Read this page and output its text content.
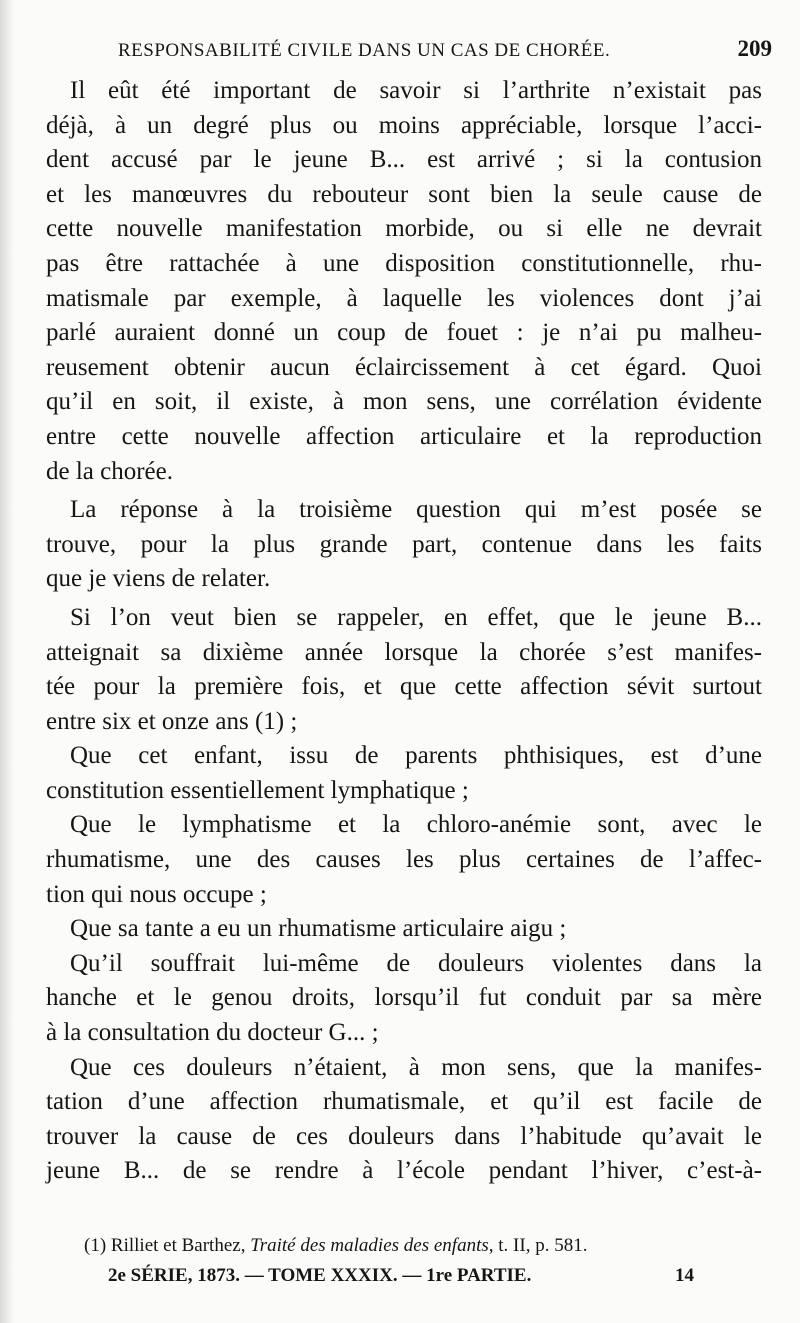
RESPONSABILITÉ CIVILE DANS UN CAS DE CHORÉE.	209
Il eût été important de savoir si l’arthrite n’existait pas
déjà, à un degré plus ou moins appréciable, lorsque l’acci-
dent accusé par le jeune B... est arrivé ; si la contusion
et les manœuvres du rebouteur sont bien la seule cause de
cette nouvelle manifestation morbide, ou si elle ne devrait
pas être rattachée à une disposition constitutionnelle, rhu-
matismale par exemple, à laquelle les violences dont j’ai
parlé auraient donné un coup de fouet : je n’ai pu malheu-
reusement obtenir aucun éclaircissement à cet égard. Quoi
qu’il en soit, il existe, à mon sens, une corrélation évidente
entre cette nouvelle affection articulaire et la reproduction
de la chorée.
La réponse à la troisième question qui m’est posée se
trouve, pour la plus grande part, contenue dans les faits
que je viens de relater.
Si l’on veut bien se rappeler, en effet, que le jeune B...
atteignait sa dixième année lorsque la chorée s’est manifes-
tée pour la première fois, et que cette affection sévit surtout
entre six et onze ans (1) ;
Que cet enfant, issu de parents phthisiques, est d’une
constitution essentiellement lymphatique ;
Que le lymphatisme et la chloro-anémie sont, avec le
rhumatisme, une des causes les plus certaines de l’affec-
tion qui nous occupe ;
Que sa tante a eu un rhumatisme articulaire aigu ;
Qu’il souffrait lui-même de douleurs violentes dans la
hanche et le genou droits, lorsqu’il fut conduit par sa mère
à la consultation du docteur G... ;
Que ces douleurs n’étaient, à mon sens, que la manifes-
tation d’une affection rhumatismale, et qu’il est facile de
trouver la cause de ces douleurs dans l’habitude qu’avait le
jeune B... de se rendre à l’école pendant l’hiver, c’est-à-
(1) Rilliet et Barthez, Traité des maladies des enfants, t. II, p. 581.
2e SÉRIE, 1873. — TOME XXXIX. — 1re PARTIE.	14
